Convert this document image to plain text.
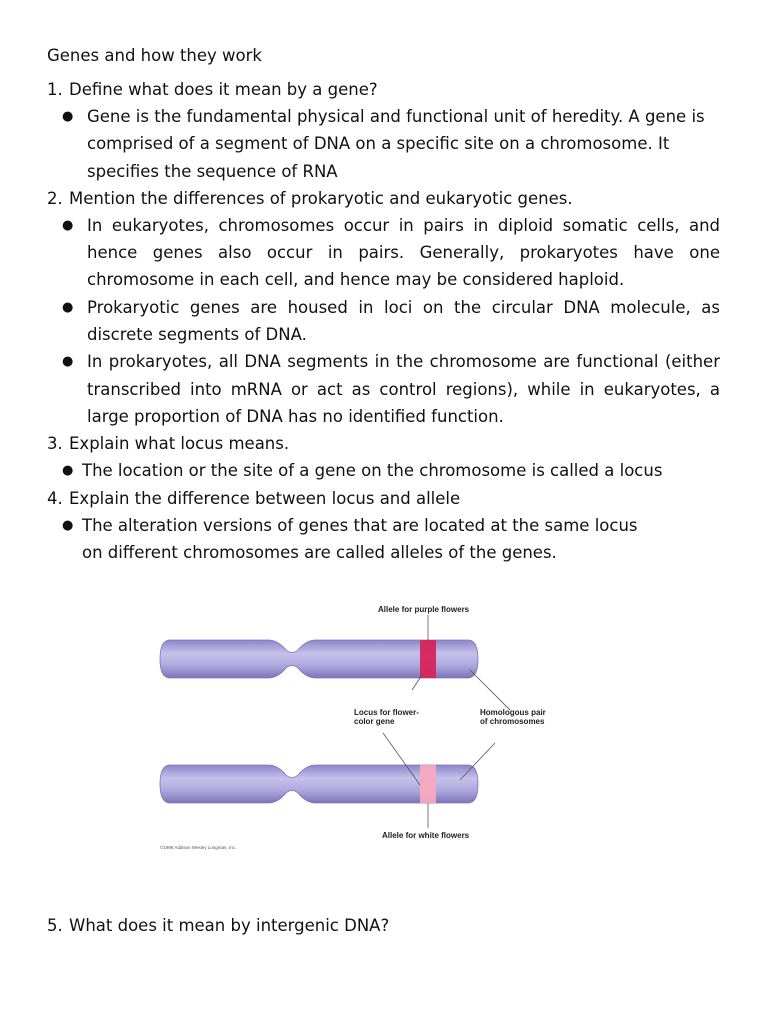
Genes and how they work
1. Define what does it mean by a gene?
● Gene is the fundamental physical and functional unit of heredity. A gene is comprised of a segment of DNA on a specific site on a chromosome. It specifies the sequence of RNA
2. Mention the differences of prokaryotic and eukaryotic genes.
● In eukaryotes, chromosomes occur in pairs in diploid somatic cells, and hence genes also occur in pairs. Generally, prokaryotes have one chromosome in each cell, and hence may be considered haploid.
● Prokaryotic genes are housed in loci on the circular DNA molecule, as discrete segments of DNA.
● In prokaryotes, all DNA segments in the chromosome are functional (either transcribed into mRNA or act as control regions), while in eukaryotes, a large proportion of DNA has no identified function.
3. Explain what locus means.
● The location or the site of a gene on the chromosome is called a locus
4. Explain the difference between locus and allele
● The alteration versions of genes that are located at the same locus on different chromosomes are called alleles of the genes.
Allele for purple flowers
Locus for flower-color gene
Homologous pair of chromosomes
Allele for white flowers
©1999 Addison Wesley Longman, Inc.
5. What does it mean by intergenic DNA?
